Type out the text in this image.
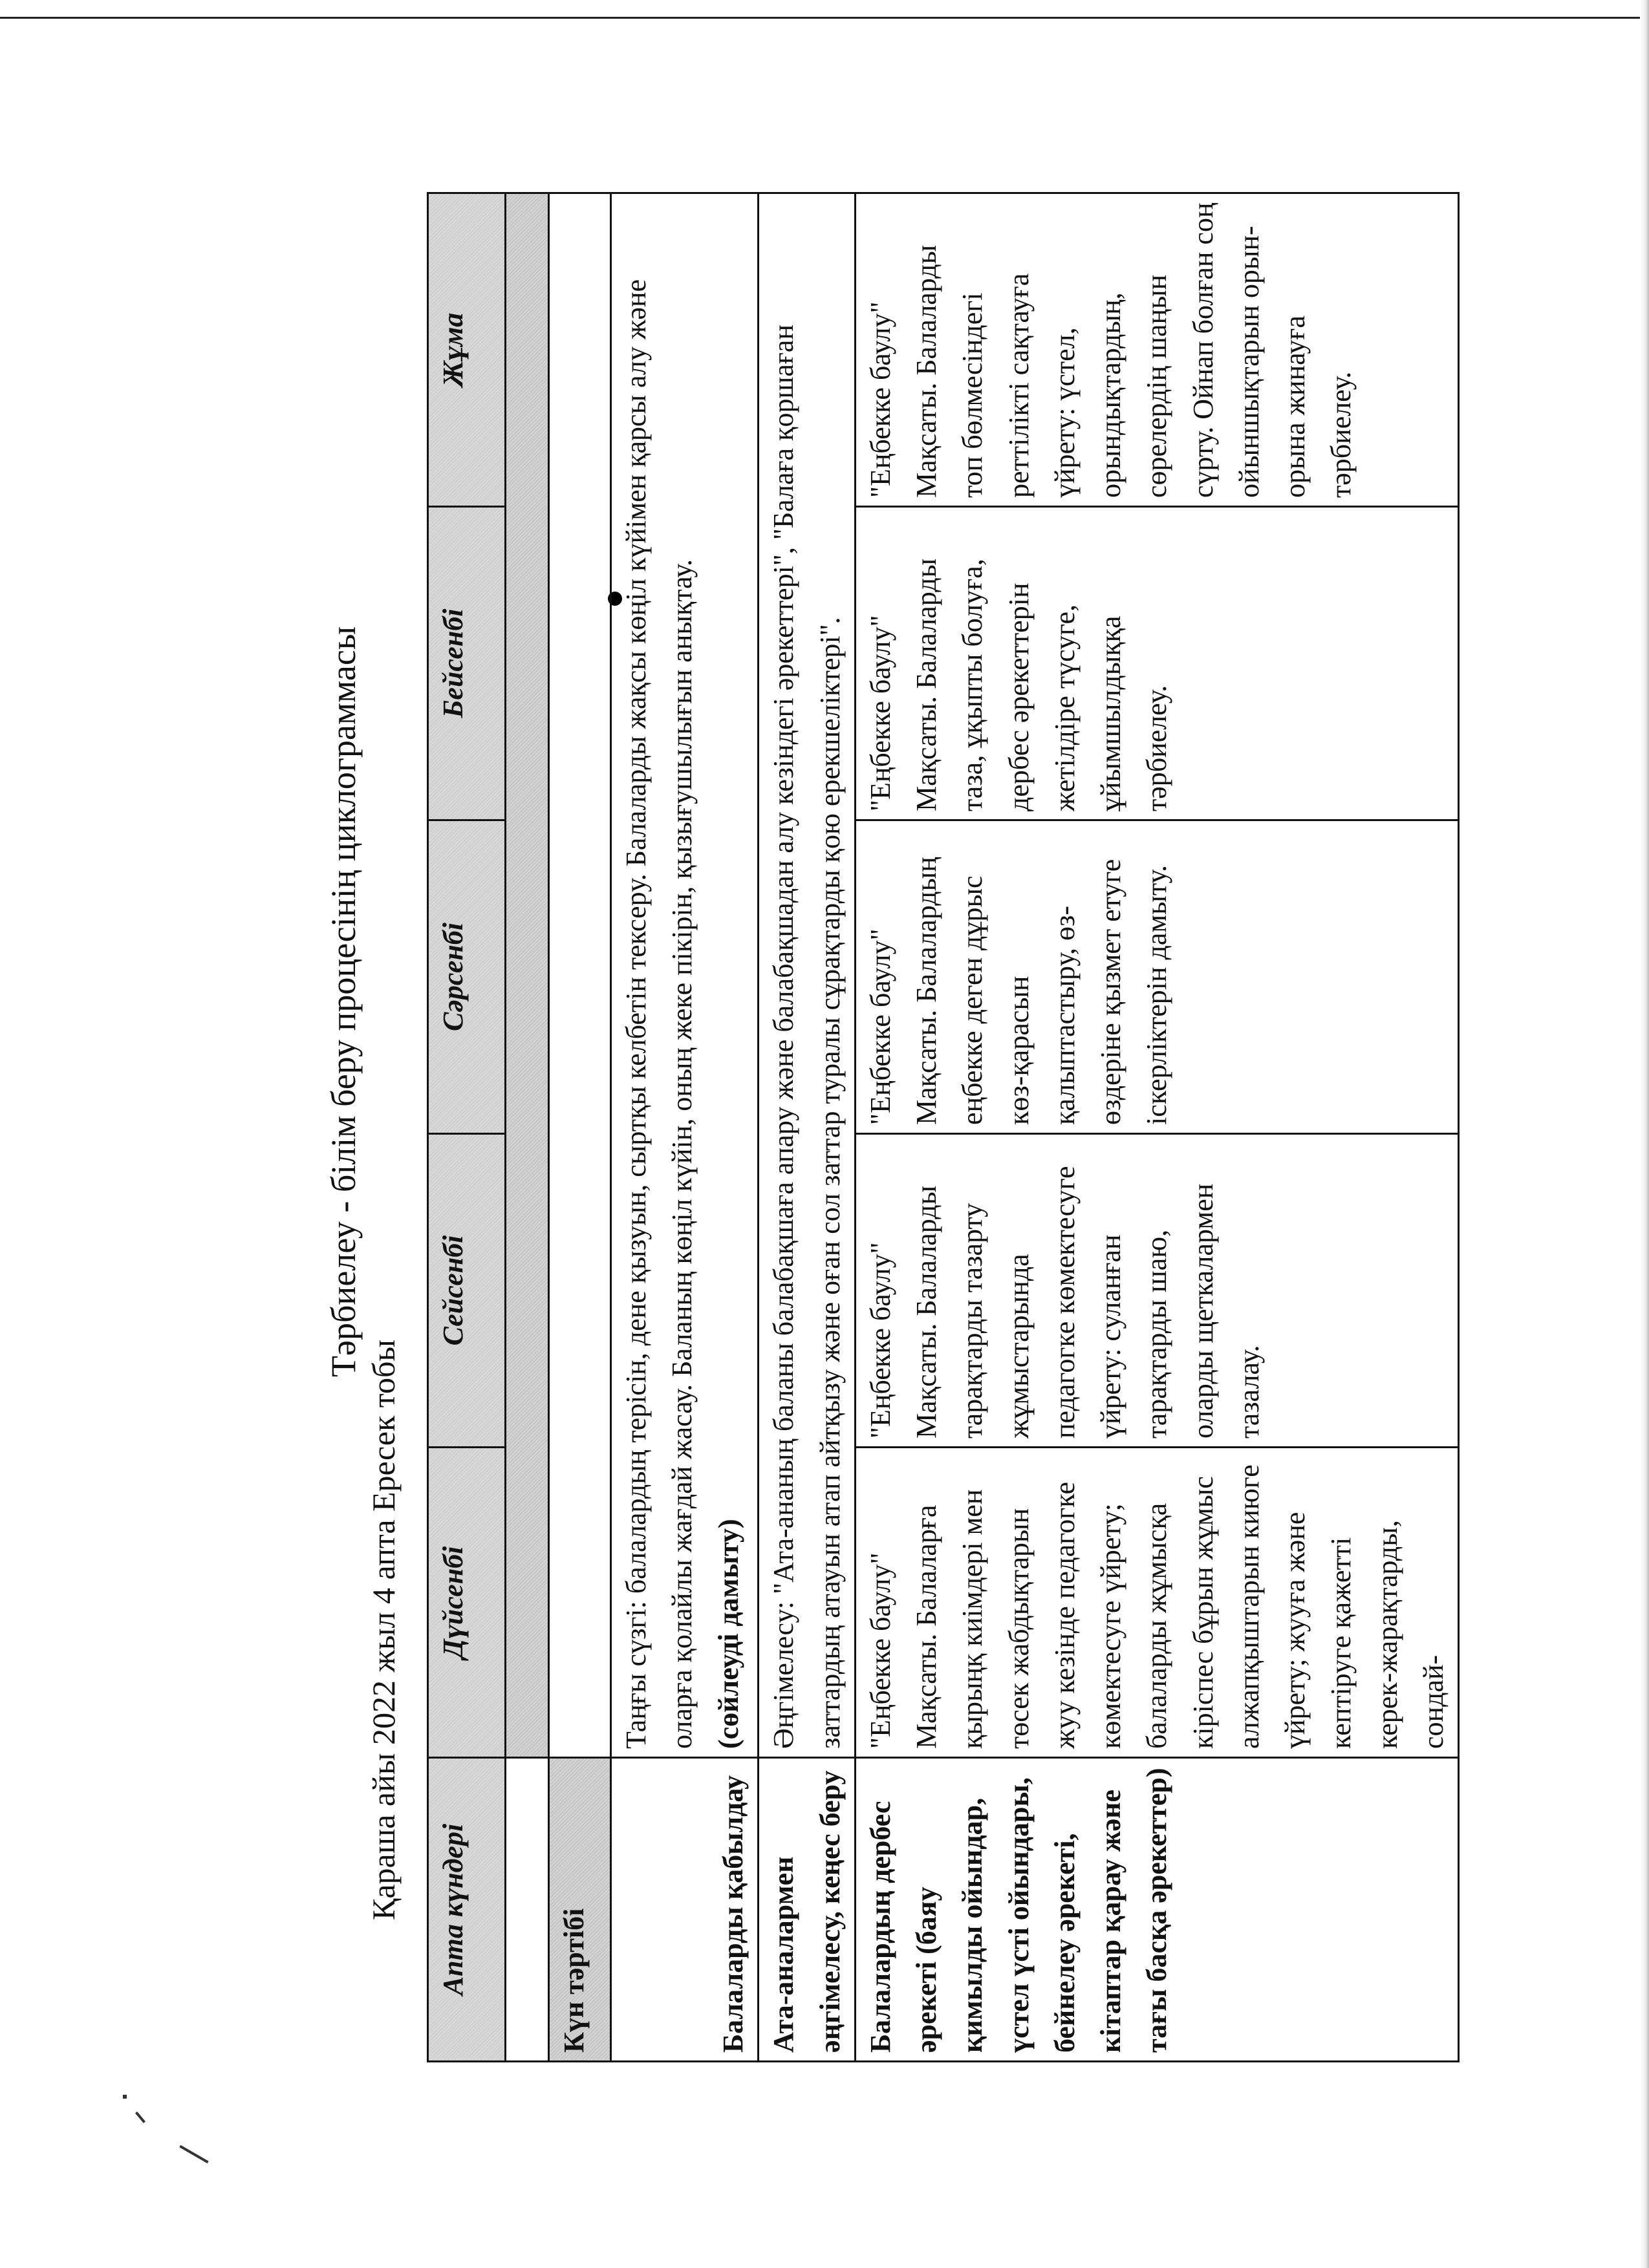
Тәрбиелеу - білім беру процесінің циклограммасы
Қараша айы 2022 жыл 4 апта Ересек тобы Апта күндері	Дүйсенбі	Сейсенбі	Сәрсенбі	Бейсенбі	Жұма

Күн тәртібі					

Балаларды қабылдау	Таңғы сүзгі: балалардың терісін, дене қызуын, сыртқы келбетін тексеру. Балаларды жақсы көңіл күйімен қарсы алу және оларға қолайлы жағдай жасау. Баланың көңіл күйін, оның жеке пікірін, қызығушылығын анықтау. (сөйлеуді дамыту)				
Ата-аналармен әңгімелесу, кеңес беру	Әңгімелесу: "Ата-ананың баланы балабақшаға апару және балабақшадан алу кезіндегі әрекеттері", "Балаға қоршаған заттардың атауын атап айтқызу және оған сол заттар туралы сұрақтарды қою ерекшеліктері".				
Балалардың дербес әрекеті (баяу қимылды ойындар, үстел үсті ойындары, бейнелеу әрекеті, кітаптар қарау және тағы басқа әрекеттер)	"Еңбекке баулу" Мақсаты. Балаларға қырыңқ киімдері мен төсек жабдықтарын жуу кезінде педагогке көмектесуге үйрету; балаларды жұмысқа кіріспес бұрын жұмыс алжапқыштарын киюге үйрету; жууға және кептіруге қажетті керек-жарақтарды, сондай-	"Еңбекке баулу" Мақсаты. Балаларды тарақтарды тазарту жұмыстарында педагогке көмектесуге үйрету: суланған тарақтарды шаю, оларды щеткалармен тазалау.	"Еңбекке баулу" Мақсаты. Балалардың еңбекке деген дұрыс көз-қарасын қалыптастыру, өз-өздеріне қызмет етуге іскерліктерін дамыту.	"Еңбекке баулу" Мақсаты. Балаларды таза, ұқыпты болуға, дербес әрекеттерін жетілдіре түсуге, ұйымшылдыққа тәрбиелеу.	"Еңбекке баулу" Мақсаты. Балаларды топ бөлмесіндегі реттілікті сақтауға үйрету: үстел, орындықтардың, сөрелердің шаңын сүрту. Ойнап болған соң ойыншықтарын орын-орына жинауға тәрбиелеу.
